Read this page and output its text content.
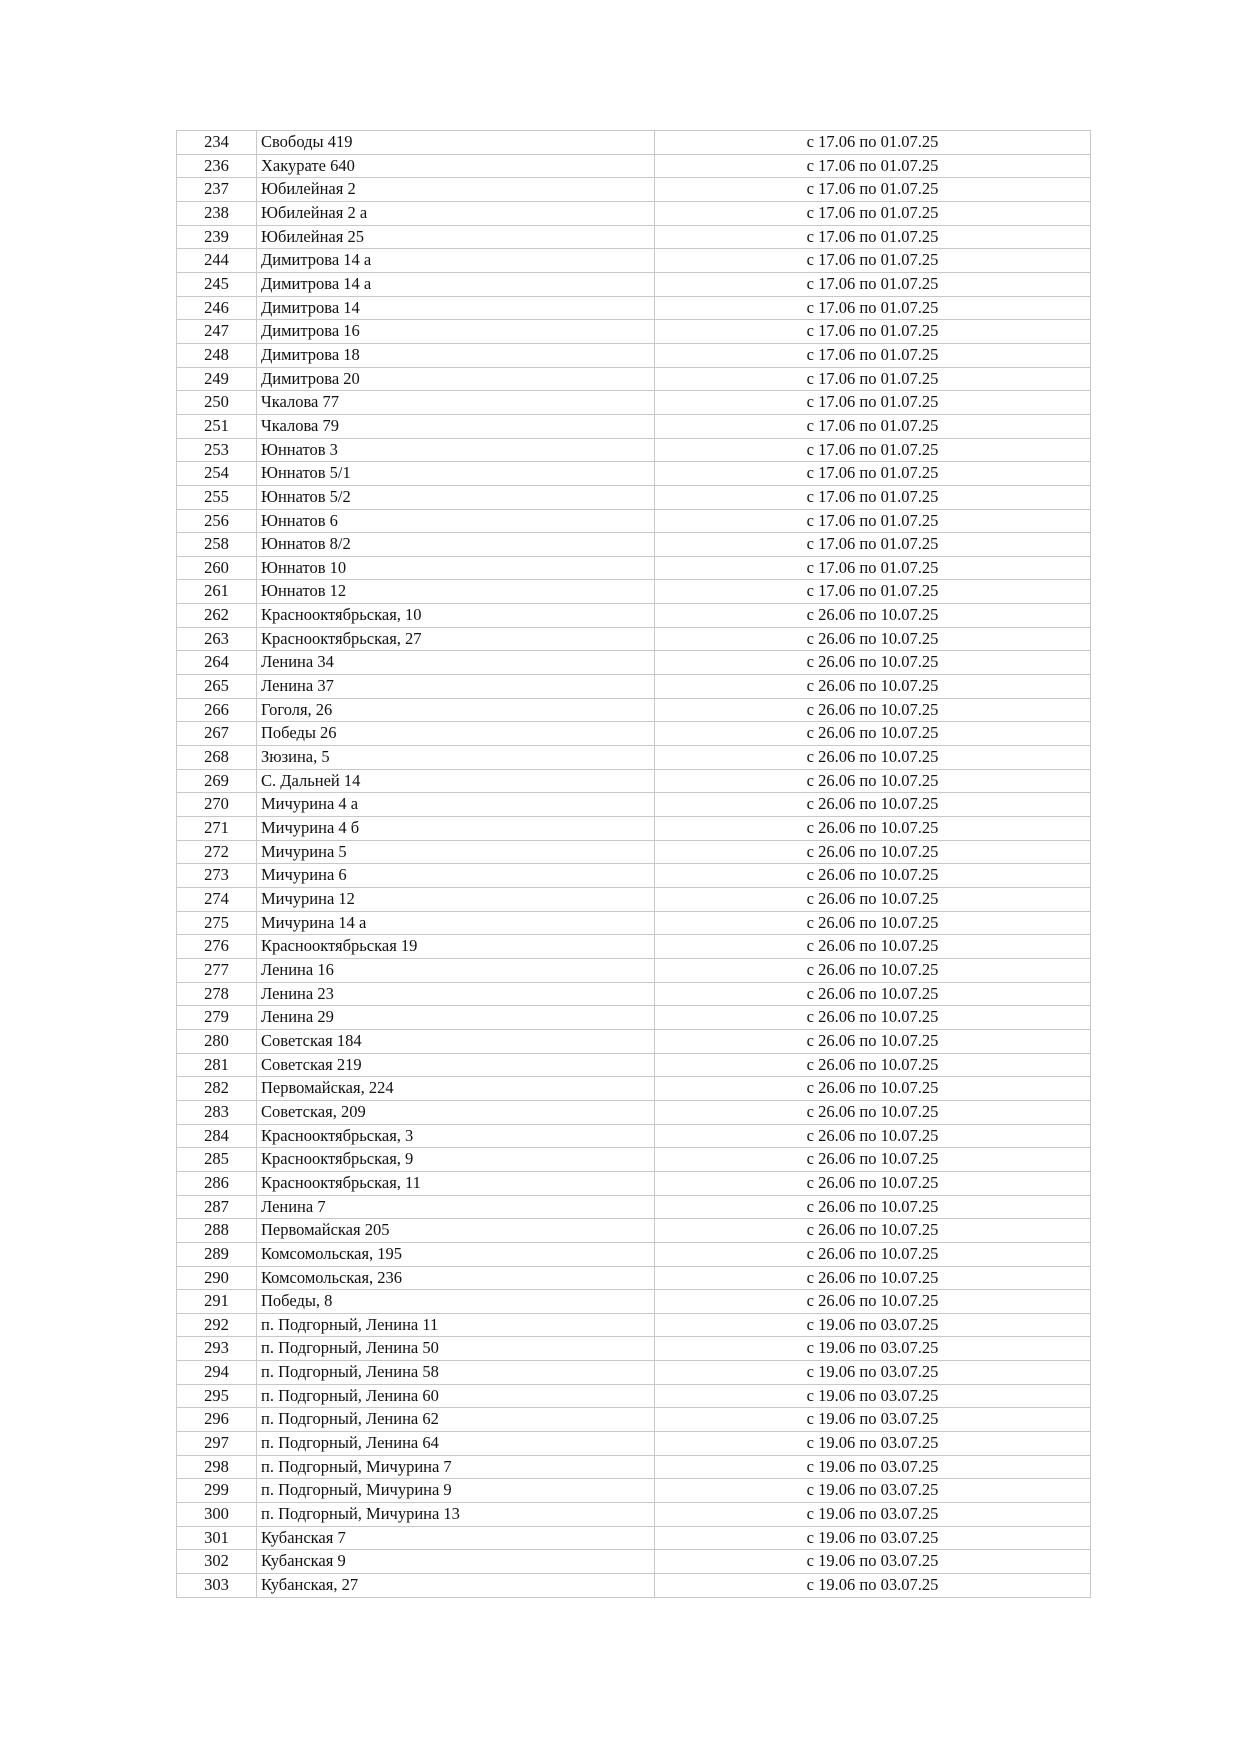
234	Свободы 419	с 17.06 по 01.07.25
236	Хакурате 640	с 17.06 по 01.07.25
237	Юбилейная 2	с 17.06 по 01.07.25
238	Юбилейная 2 а	с 17.06 по 01.07.25
239	Юбилейная 25	с 17.06 по 01.07.25
244	Димитрова 14 а	с 17.06 по 01.07.25
245	Димитрова 14 а	с 17.06 по 01.07.25
246	Димитрова 14	с 17.06 по 01.07.25
247	Димитрова 16	с 17.06 по 01.07.25
248	Димитрова 18	с 17.06 по 01.07.25
249	Димитрова 20	с 17.06 по 01.07.25
250	Чкалова 77	с 17.06 по 01.07.25
251	Чкалова 79	с 17.06 по 01.07.25
253	Юннатов 3	с 17.06 по 01.07.25
254	Юннатов 5/1	с 17.06 по 01.07.25
255	Юннатов 5/2	с 17.06 по 01.07.25
256	Юннатов 6	с 17.06 по 01.07.25
258	Юннатов 8/2	с 17.06 по 01.07.25
260	Юннатов 10	с 17.06 по 01.07.25
261	Юннатов 12	с 17.06 по 01.07.25
262	Краснооктябрьская, 10	с 26.06 по 10.07.25
263	Краснооктябрьская, 27	с 26.06 по 10.07.25
264	Ленина 34	с 26.06 по 10.07.25
265	Ленина 37	с 26.06 по 10.07.25
266	Гоголя, 26	с 26.06 по 10.07.25
267	Победы 26	с 26.06 по 10.07.25
268	Зюзина, 5	с 26.06 по 10.07.25
269	С. Дальней 14	с 26.06 по 10.07.25
270	Мичурина 4 а	с 26.06 по 10.07.25
271	Мичурина 4 б	с 26.06 по 10.07.25
272	Мичурина 5	с 26.06 по 10.07.25
273	Мичурина 6	с 26.06 по 10.07.25
274	Мичурина 12	с 26.06 по 10.07.25
275	Мичурина 14 а	с 26.06 по 10.07.25
276	Краснооктябрьская 19	с 26.06 по 10.07.25
277	Ленина 16	с 26.06 по 10.07.25
278	Ленина 23	с 26.06 по 10.07.25
279	Ленина 29	с 26.06 по 10.07.25
280	Советская 184	с 26.06 по 10.07.25
281	Советская 219	с 26.06 по 10.07.25
282	Первомайская, 224	с 26.06 по 10.07.25
283	Советская, 209	с 26.06 по 10.07.25
284	Краснооктябрьская, 3	с 26.06 по 10.07.25
285	Краснооктябрьская, 9	с 26.06 по 10.07.25
286	Краснооктябрьская, 11	с 26.06 по 10.07.25
287	Ленина 7	с 26.06 по 10.07.25
288	Первомайская 205	с 26.06 по 10.07.25
289	Комсомольская, 195	с 26.06 по 10.07.25
290	Комсомольская, 236	с 26.06 по 10.07.25
291	Победы, 8	с 26.06 по 10.07.25
292	п. Подгорный, Ленина 11	с 19.06 по 03.07.25
293	п. Подгорный, Ленина 50	с 19.06 по 03.07.25
294	п. Подгорный, Ленина 58	с 19.06 по 03.07.25
295	п. Подгорный, Ленина 60	с 19.06 по 03.07.25
296	п. Подгорный, Ленина 62	с 19.06 по 03.07.25
297	п. Подгорный, Ленина 64	с 19.06 по 03.07.25
298	п. Подгорный, Мичурина 7	с 19.06 по 03.07.25
299	п. Подгорный, Мичурина 9	с 19.06 по 03.07.25
300	п. Подгорный, Мичурина 13	с 19.06 по 03.07.25
301	Кубанская 7	с 19.06 по 03.07.25
302	Кубанская 9	с 19.06 по 03.07.25
303	Кубанская, 27	с 19.06 по 03.07.25
